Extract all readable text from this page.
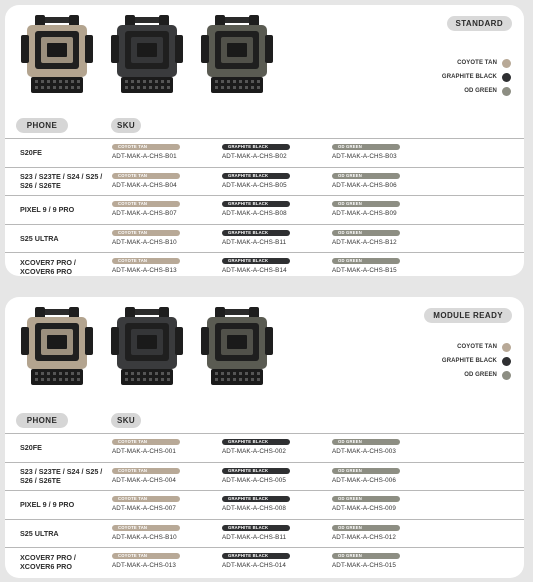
STANDARD
COYOTE TAN
GRAPHITE BLACK
OD GREEN
PHONE	SKU
S20FE
COYOTE TAN
ADT-MAK-A-CHS-B01
GRAPHITE BLACK
ADT-MAK-A-CHS-B02
OD GREEN
ADT-MAK-A-CHS-B03
S23 / S23TE / S24 / S25 / S26 / S26TE
COYOTE TAN
ADT-MAK-A-CHS-B04
GRAPHITE BLACK
ADT-MAK-A-CHS-B05
OD GREEN
ADT-MAK-A-CHS-B06
PIXEL 9 / 9 PRO
COYOTE TAN
ADT-MAK-A-CHS-B07
GRAPHITE BLACK
ADT-MAK-A-CHS-B08
OD GREEN
ADT-MAK-A-CHS-B09
S25 ULTRA
COYOTE TAN
ADT-MAK-A-CHS-B10
GRAPHITE BLACK
ADT-MAK-A-CHS-B11
OD GREEN
ADT-MAK-A-CHS-B12
XCOVER7 PRO / XCOVER6 PRO
COYOTE TAN
ADT-MAK-A-CHS-B13
GRAPHITE BLACK
ADT-MAK-A-CHS-B14
OD GREEN
ADT-MAK-A-CHS-B15
MODULE READY
COYOTE TAN
GRAPHITE BLACK
OD GREEN
PHONE	SKU
S20FE
COYOTE TAN
ADT-MAK-A-CHS-001
GRAPHITE BLACK
ADT-MAK-A-CHS-002
OD GREEN
ADT-MAK-A-CHS-003
S23 / S23TE / S24 / S25 / S26 / S26TE
COYOTE TAN
ADT-MAK-A-CHS-004
GRAPHITE BLACK
ADT-MAK-A-CHS-005
OD GREEN
ADT-MAK-A-CHS-006
PIXEL 9 / 9 PRO
COYOTE TAN
ADT-MAK-A-CHS-007
GRAPHITE BLACK
ADT-MAK-A-CHS-008
OD GREEN
ADT-MAK-A-CHS-009
S25 ULTRA
COYOTE TAN
ADT-MAK-A-CHS-B10
GRAPHITE BLACK
ADT-MAK-A-CHS-B11
OD GREEN
ADT-MAK-A-CHS-012
XCOVER7 PRO / XCOVER6 PRO
COYOTE TAN
ADT-MAK-A-CHS-013
GRAPHITE BLACK
ADT-MAK-A-CHS-014
OD GREEN
ADT-MAK-A-CHS-015
